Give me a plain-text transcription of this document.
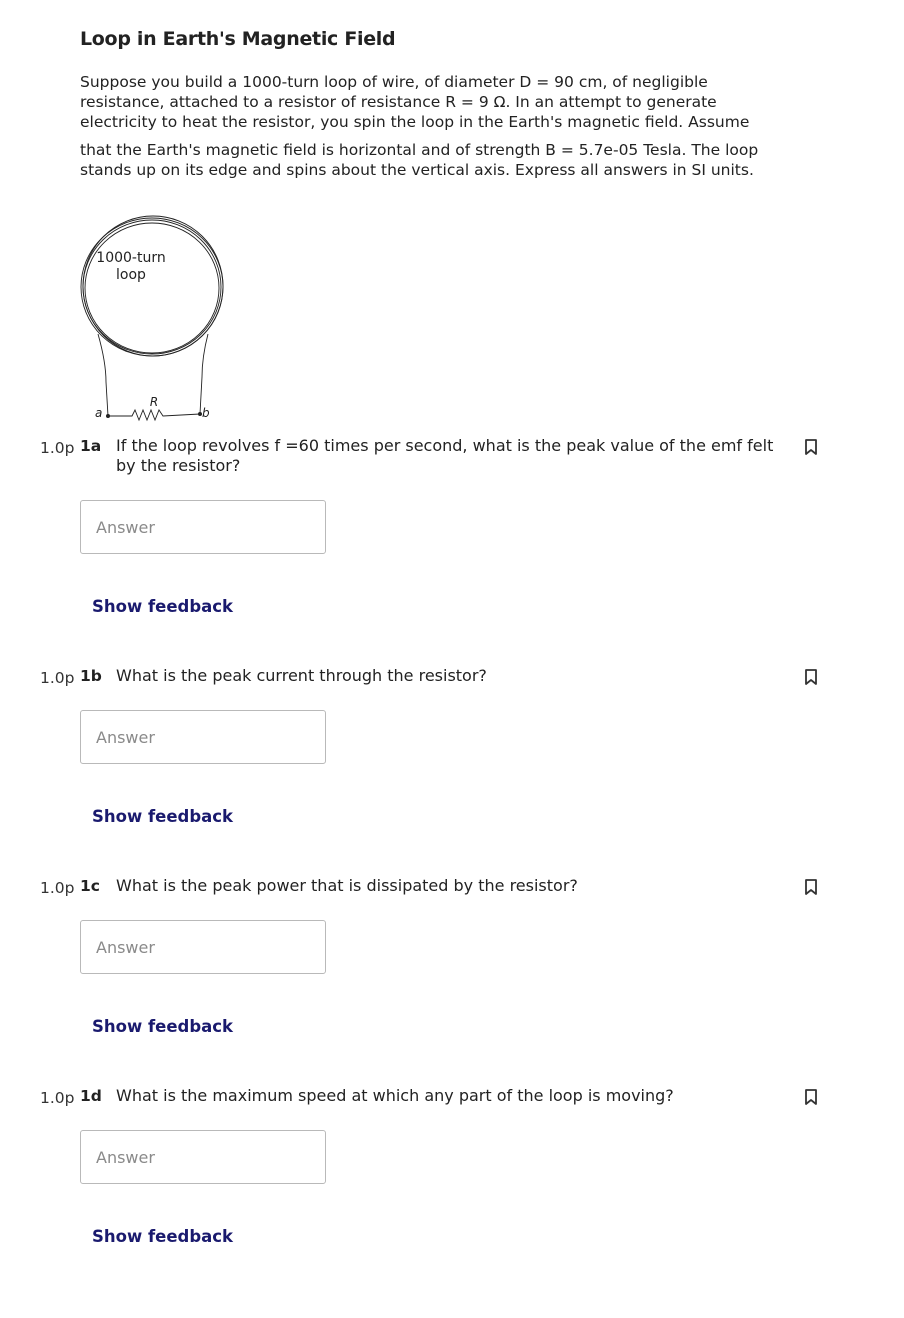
Loop in Earth's Magnetic Field

Suppose you build a 1000-turn loop of wire, of diameter D = 90 cm, of negligible resistance, attached to a resistor of resistance R = 9 Ω. In an attempt to generate electricity to heat the resistor, you spin the loop in the Earth's magnetic field. Assume

that the Earth's magnetic field is horizontal and of strength B = 5.7e-05 Tesla. The loop stands up on its edge and spins about the vertical axis. Express all answers in SI units.

1000-turn
loop
R
a	b
1.0p 1a If the loop revolves f =60 times per second, what is the peak value of the emf felt by the resistor?
Answer
Show feedback
1.0p 1b What is the peak current through the resistor?
Answer
Show feedback
1.0p 1c What is the peak power that is dissipated by the resistor?
Answer
Show feedback
1.0p 1d What is the maximum speed at which any part of the loop is moving?
Answer
Show feedback
